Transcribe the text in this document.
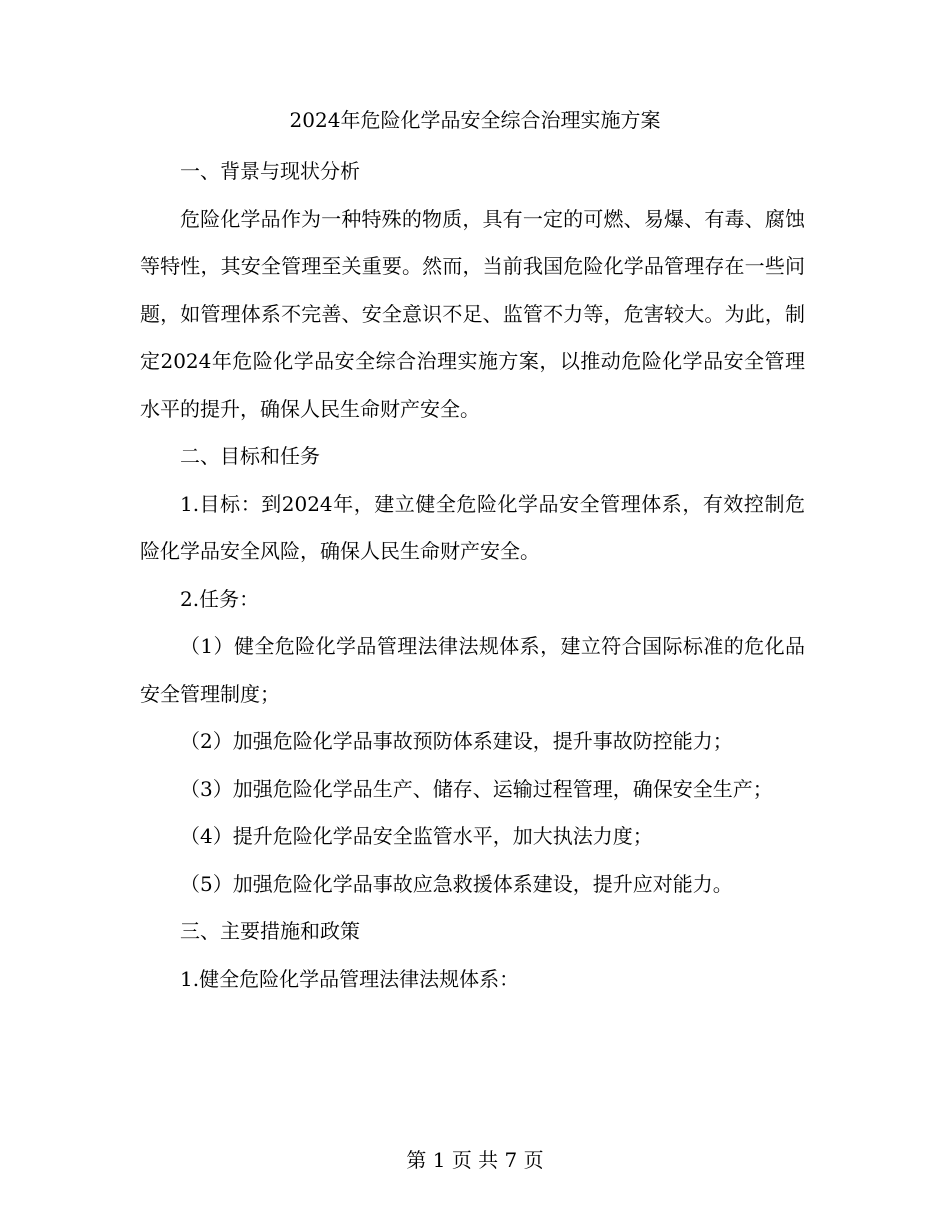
2024年危险化学品安全综合治理实施方案

一、背景与现状分析

危险化学品作为一种特殊的物质，具有一定的可燃、易爆、有毒、腐蚀等特性，其安全管理至关重要。然而，当前我国危险化学品管理存在一些问题，如管理体系不完善、安全意识不足、监管不力等，危害较大。为此，制定2024年危险化学品安全综合治理实施方案，以推动危险化学品安全管理水平的提升，确保人民生命财产安全。

二、目标和任务

1.目标：到2024年，建立健全危险化学品安全管理体系，有效控制危险化学品安全风险，确保人民生命财产安全。

2.任务：

（1）健全危险化学品管理法律法规体系，建立符合国际标准的危化品安全管理制度；

（2）加强危险化学品事故预防体系建设，提升事故防控能力；

（3）加强危险化学品生产、储存、运输过程管理，确保安全生产；

（4）提升危险化学品安全监管水平，加大执法力度；

（5）加强危险化学品事故应急救援体系建设，提升应对能力。

三、主要措施和政策

1.健全危险化学品管理法律法规体系：

第 1 页 共 7 页
